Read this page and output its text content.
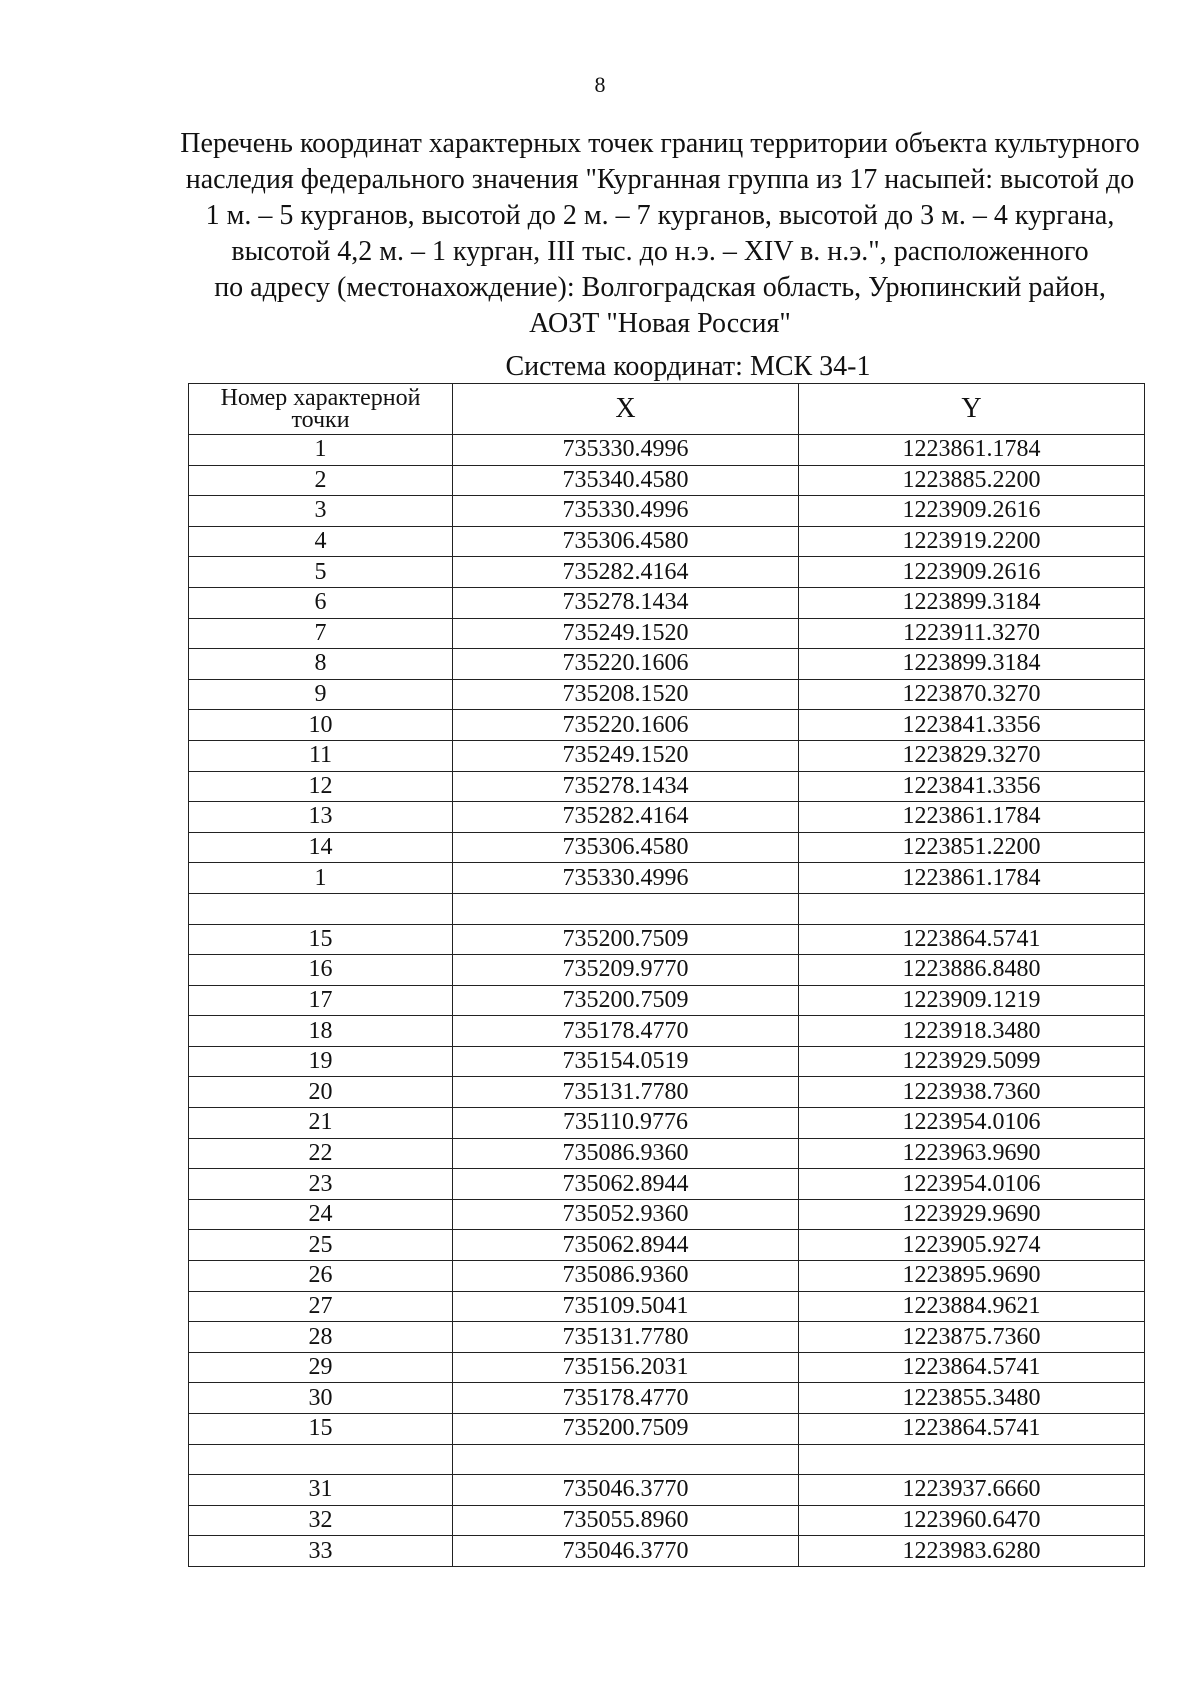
8
Перечень координат характерных точек границ территории объекта культурного
наследия федерального значения "Курганная группа из 17 насыпей: высотой до
1 м. – 5 курганов, высотой до 2 м. – 7 курганов, высотой до 3 м. – 4 кургана,
высотой 4,2 м. – 1 курган, III тыс. до н.э. – XIV в. н.э.", расположенного
по адресу (местонахождение): Волгоградская область, Урюпинский район,
АОЗТ "Новая Россия"
Система координат: МСК 34-1
Номер характерной точки	X	Y
1	735330.4996	1223861.1784
2	735340.4580	1223885.2200
3	735330.4996	1223909.2616
4	735306.4580	1223919.2200
5	735282.4164	1223909.2616
6	735278.1434	1223899.3184
7	735249.1520	1223911.3270
8	735220.1606	1223899.3184
9	735208.1520	1223870.3270
10	735220.1606	1223841.3356
11	735249.1520	1223829.3270
12	735278.1434	1223841.3356
13	735282.4164	1223861.1784
14	735306.4580	1223851.2200
1	735330.4996	1223861.1784

15	735200.7509	1223864.5741
16	735209.9770	1223886.8480
17	735200.7509	1223909.1219
18	735178.4770	1223918.3480
19	735154.0519	1223929.5099
20	735131.7780	1223938.7360
21	735110.9776	1223954.0106
22	735086.9360	1223963.9690
23	735062.8944	1223954.0106
24	735052.9360	1223929.9690
25	735062.8944	1223905.9274
26	735086.9360	1223895.9690
27	735109.5041	1223884.9621
28	735131.7780	1223875.7360
29	735156.2031	1223864.5741
30	735178.4770	1223855.3480
15	735200.7509	1223864.5741

31	735046.3770	1223937.6660
32	735055.8960	1223960.6470
33	735046.3770	1223983.6280
